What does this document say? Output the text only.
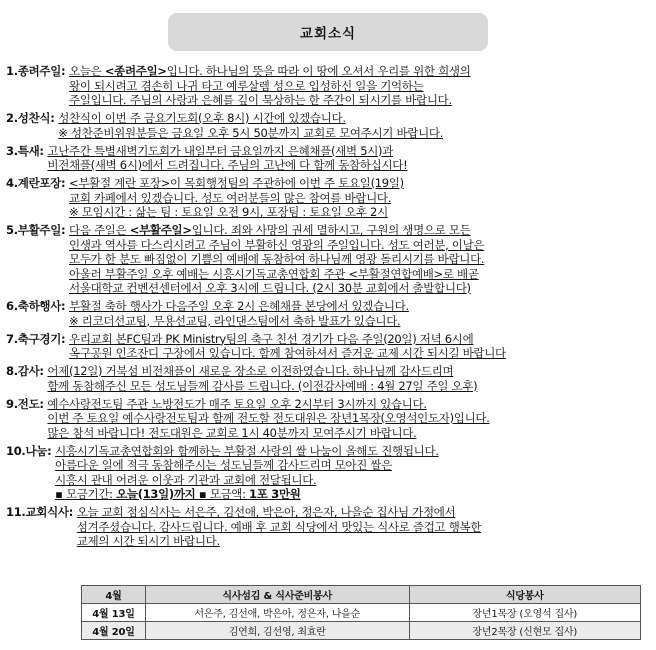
교회소식
1.종려주일: 오늘은 <종려주일>입니다. 하나님의 뜻을 따라 이 땅에 오셔서 우리를 위한 희생의
왕이 되시려고 겸손히 나귀 타고 예루살렘 성으로 입성하신 일을 기억하는
주일입니다. 주님의 사랑과 은혜를 깊이 묵상하는 한 주간이 되시기를 바랍니다.
2.성찬식: 성찬식이 이번 주 금요기도회(오후 8시) 시간에 있겠습니다.
※ 성찬준비위원분들은 금요일 오후 5시 50분까지 교회로 모여주시기 바랍니다.
3.특새: 고난주간 특별새벽기도회가 내일부터 금요일까지 은혜채플(새벽 5시)과
비전채플(새벽 6시)에서 드려집니다. 주님의 고난에 다 함께 동참하십시다!
4.계란포장: <부활절 계란 포장>이 목회행정팀의 주관하에 이번 주 토요일(19일)
교회 카페에서 있겠습니다. 성도 여러분들의 많은 참여를 바랍니다.
※ 모임시간 : 삶는 팀 : 토요일 오전 9시, 포장팀 : 토요일 오후 2시
5.부활주일: 다음 주일은 <부활주일>입니다. 죄와 사망의 권세 멸하시고, 구원의 생명으로 모든
인생과 역사를 다스리시려고 주님이 부활하신 영광의 주일입니다. 성도 여러분, 이날은
모두가 한 분도 빠짐없이 기쁨의 예배에 동참하여 하나님께 영광 돌리시기를 바랍니다.
아울러 부활주일 오후 예배는 시흥시기독교총연합회 주관 <부활절연합예배>로 배곧
서울대학교 컨벤션센터에서 오후 3시에 드립니다. (2시 30분 교회에서 출발합니다)
6.축하행사: 부활절 축하 행사가 다음주일 오후 2시 은혜채플 본당에서 있겠습니다.
※ 리코더선교팀, 무용선교팀, 라인댄스팀에서 축하 발표가 있습니다.
7.축구경기: 우리교회 본FC팀과 PK Ministry팀의 축구 친선 경기가 다음 주일(20일) 저녁 6시에
옥구공원 인조잔디 구장에서 있습니다. 함께 참여하셔서 즐거운 교제 시간 되시길 바랍니다
8.감사: 어제(12일) 거북섬 비전채플이 새로운 장소로 이전하였습니다. 하나님께 감사드리며
함께 동참해주신 모든 성도님들께 감사를 드립니다. (이전감사예배 : 4월 27일 주일 오후)
9.전도: 예수사랑전도팀 주관 노방전도가 매주 토요일 오후 2시부터 3시까지 있습니다.
이번 주 토요일 예수사랑전도팀과 함께 전도할 전도대원은 장년1목장(오영석인도자)입니다.
많은 참석 바랍니다! 전도대원은 교회로 1시 40분까지 모여주시기 바랍니다.
10.나눔: 시흥시기독교총연합회와 함께하는 부활절 사랑의 쌀 나눔이 올해도 진행됩니다.
아름다운 일에 적극 동참해주시는 성도님들께 감사드리며 모아진 쌀은
시흥시 관내 어려운 이웃과 기관과 교회에 전달됩니다.
▪ 모금기간: 오늘(13일)까지 ▪ 모금액: 1포 3만원
11.교회식사: 오늘 교회 점심식사는 서은주, 김선애, 박은아, 정은자, 나을순 집사님 가정에서
섬겨주셨습니다. 감사드립니다. 예배 후 교회 식당에서 맛있는 식사로 즐겁고 행복한
교제의 시간 되시기 바랍니다.
4월	식사섬김 & 식사준비봉사	식당봉사
4월 13일	서은주, 김선애, 박은아, 정은자, 나을순	장년1목장 (오영석 집사)
4월 20일	김연희, 김선영, 최효란	장년2목장 (신현모 집사)
